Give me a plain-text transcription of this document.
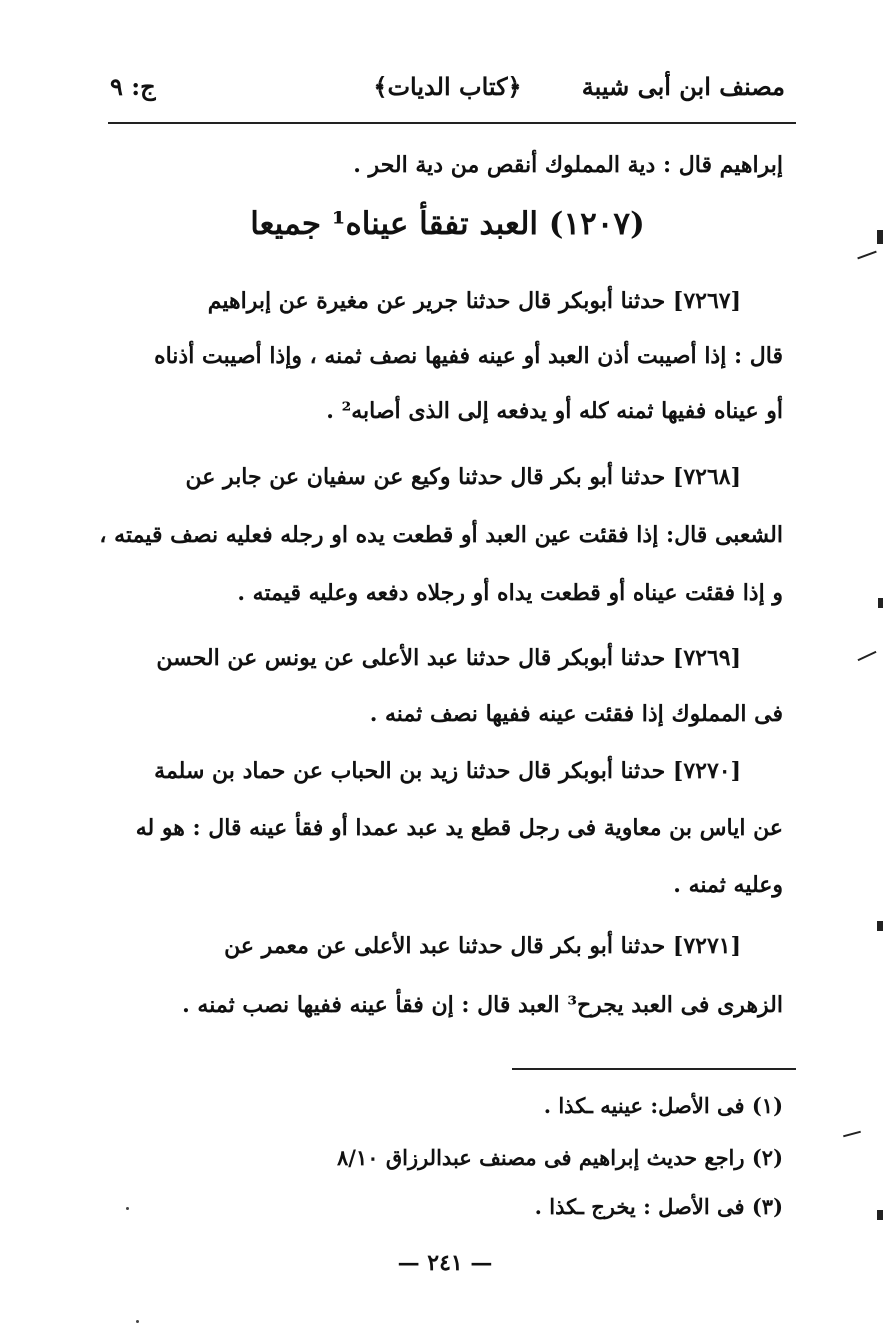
مصنف ابن أبى شيبة
﴿كتاب الديات﴾
ج: ٩
إبراهيم قال : دية المملوك أنقص من دية الحر .
(١٢٠٧) العبد تفقأ عيناه¹ جميعا
[٧٢٦٧] حدثنا أبوبكر قال حدثنا جرير عن مغيرة عن إبراهيم
قال : إذا أصيبت أذن العبد أو عينه ففيها نصف ثمنه ، وإذا أصيبت أذناه
أو عيناه ففيها ثمنه كله أو يدفعه إلى الذى أصابه² .
[٧٢٦٨] حدثنا أبو بكر قال حدثنا وكيع عن سفيان عن جابر عن
الشعبى قال: إذا فقئت عين العبد أو قطعت يده او رجله فعليه نصف قيمته ،
و إذا فقئت عيناه أو قطعت يداه أو رجلاه دفعه وعليه قيمته .
[٧٢٦٩] حدثنا أبوبكر قال حدثنا عبد الأعلى عن يونس عن الحسن
فى المملوك إذا فقئت عينه ففيها نصف ثمنه .
[٧٢٧٠] حدثنا أبوبكر قال حدثنا زيد بن الحباب عن حماد بن سلمة
عن اياس بن معاوية فى رجل قطع يد عبد عمدا أو فقأ عينه قال : هو له
وعليه ثمنه .
[٧٢٧١] حدثنا أبو بكر قال حدثنا عبد الأعلى عن معمر عن
الزهرى فى العبد يجرح³ العبد قال : إن فقأ عينه ففيها نصب ثمنه .
(١) فى الأصل: عينيه ـكذا .
(٢) راجع حديث إبراهيم فى مصنف عبدالرزاق ٨/١٠
(٣) فى الأصل : يخرج ـكذا .
— ٢٤١ —
